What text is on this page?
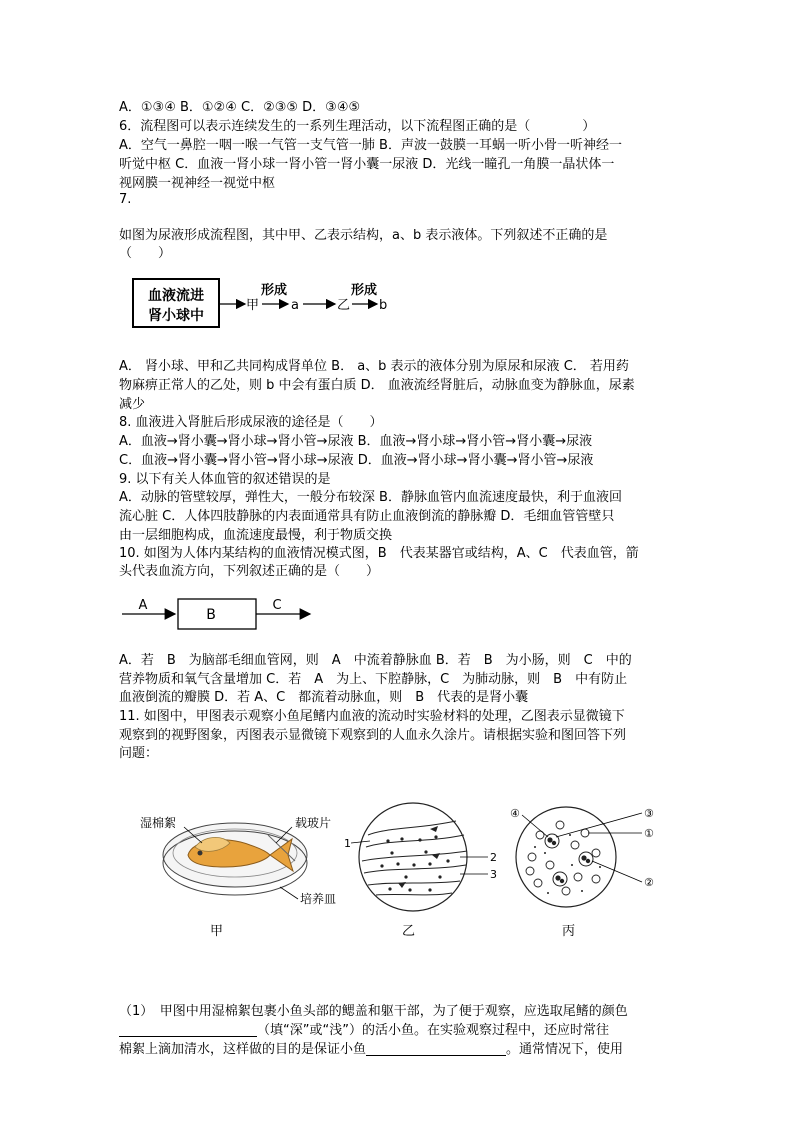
A．①③④ B．①②④ C．②③⑤ D．③④⑤
6．流程图可以表示连续发生的一系列生理活动，以下流程图正确的是（　　　　）
A．空气一鼻腔一咽一喉一气管一支气管一肺 B．声波一鼓膜一耳蜗一听小骨一听神经一
听觉中枢 C．血液一肾小球一肾小管一肾小囊一尿液 D．光线一瞳孔一角膜一晶状体一
视网膜一视神经一视觉中枢
7.
如图为尿液形成流程图，其中甲、乙表示结构，a、b 表示液体。下列叙述不正确的是
（　　）
血液流进
肾小球中
甲
形成
a	乙
形成
b
A． 肾小球、甲和乙共同构成肾单位 B． a、b 表示的液体分别为原尿和尿液 C． 若用药
物麻痹正常人的乙处，则 b 中会有蛋白质 D． 血液流经肾脏后，动脉血变为静脉血，尿素
减少
8. 血液进入肾脏后形成尿液的途径是（　　）
A．血液→肾小囊→肾小球→肾小管→尿液 B．血液→肾小球→肾小管→肾小囊→尿液
C．血液→肾小囊→肾小管→肾小球→尿液 D．血液→肾小球→肾小囊→肾小管→尿液
9. 以下有关人体血管的叙述错误的是
A．动脉的管壁较厚，弹性大，一般分布较深 B．静脉血管内血流速度最快，利于血液回
流心脏 C．人体四肢静脉的内表面通常具有防止血液倒流的静脉瓣 D．毛细血管管壁只
由一层细胞构成，血流速度最慢，利于物质交换
10. 如图为人体内某结构的血液情况模式图，B　代表某器官或结构，A、C　代表血管，箭
头代表血流方向，下列叙述正确的是（　　）
A
B
C
A．若　B　为脑部毛细血管网，则　A　中流着静脉血 B．若　B　为小肠，则　C　中的
营养物质和氧气含量增加 C．若　A　为上、下腔静脉，C　为肺动脉，则　B　中有防止
血液倒流的瓣膜 D．若 A、C　都流着动脉血，则　B　代表的是肾小囊
11. 如图中，甲图表示观察小鱼尾鳍内血液的流动时实验材料的处理，乙图表示显微镜下
观察到的视野图象，丙图表示显微镜下观察到的人血永久涂片。请根据实验和图回答下列
问题：
湿棉絮	载玻片
培养皿
甲
1
2
3
乙
④	③
①
②
丙
（1）　甲图中用湿棉絮包裹小鱼头部的鳃盖和躯干部，为了便于观察，应选取尾鳍的颜色
（填“深”或“浅”）的活小鱼。在实验观察过程中，还应时常往
棉絮上滴加清水，这样做的目的是保证小鱼	。通常情况下，使用
